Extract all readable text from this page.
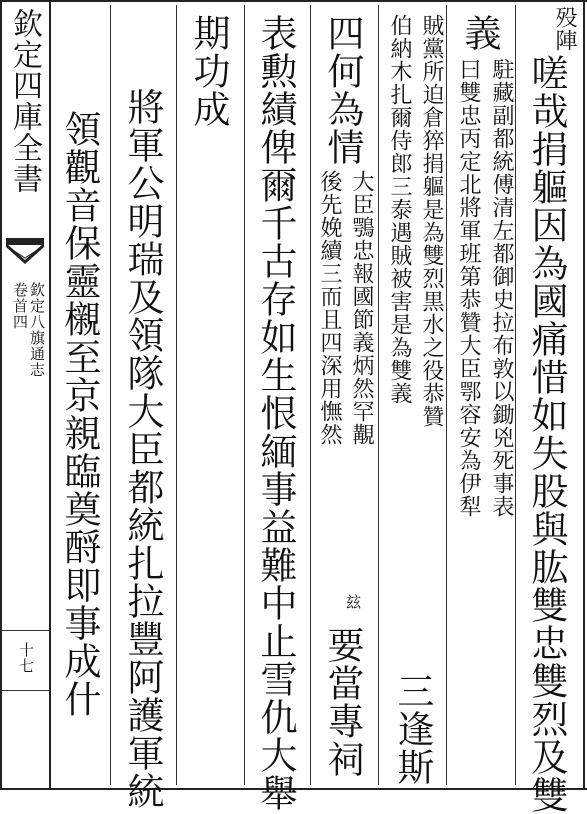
欽定四庫全書
欽定八旗通志
卷首四
十七
殁陣
嗟哉捐軀因為國痛惜如失股與肱雙忠雙烈及雙
義
駐藏副都統傅清左都御史拉布敦以鋤兇死事表
曰雙忠丙定北將軍班第恭贊大臣鄂容安為伊犁
賊黨所迫倉猝捐軀是為雙烈黒水之役恭贊
伯納木扎爾侍郎三泰遇賊被害是為雙義
三逢斯
四何為情
大臣鶚忠報國節義炳然罕覯
後先娩續三而且四深用憮然
玆
要當專祠
表勲績俾爾千古存如生恨緬事益難中止雪仇大舉
期功成
將軍公明瑞及領隊大臣都統扎拉豐阿護軍統
領觀音保靈櫬至京親臨奠酹即事成什
